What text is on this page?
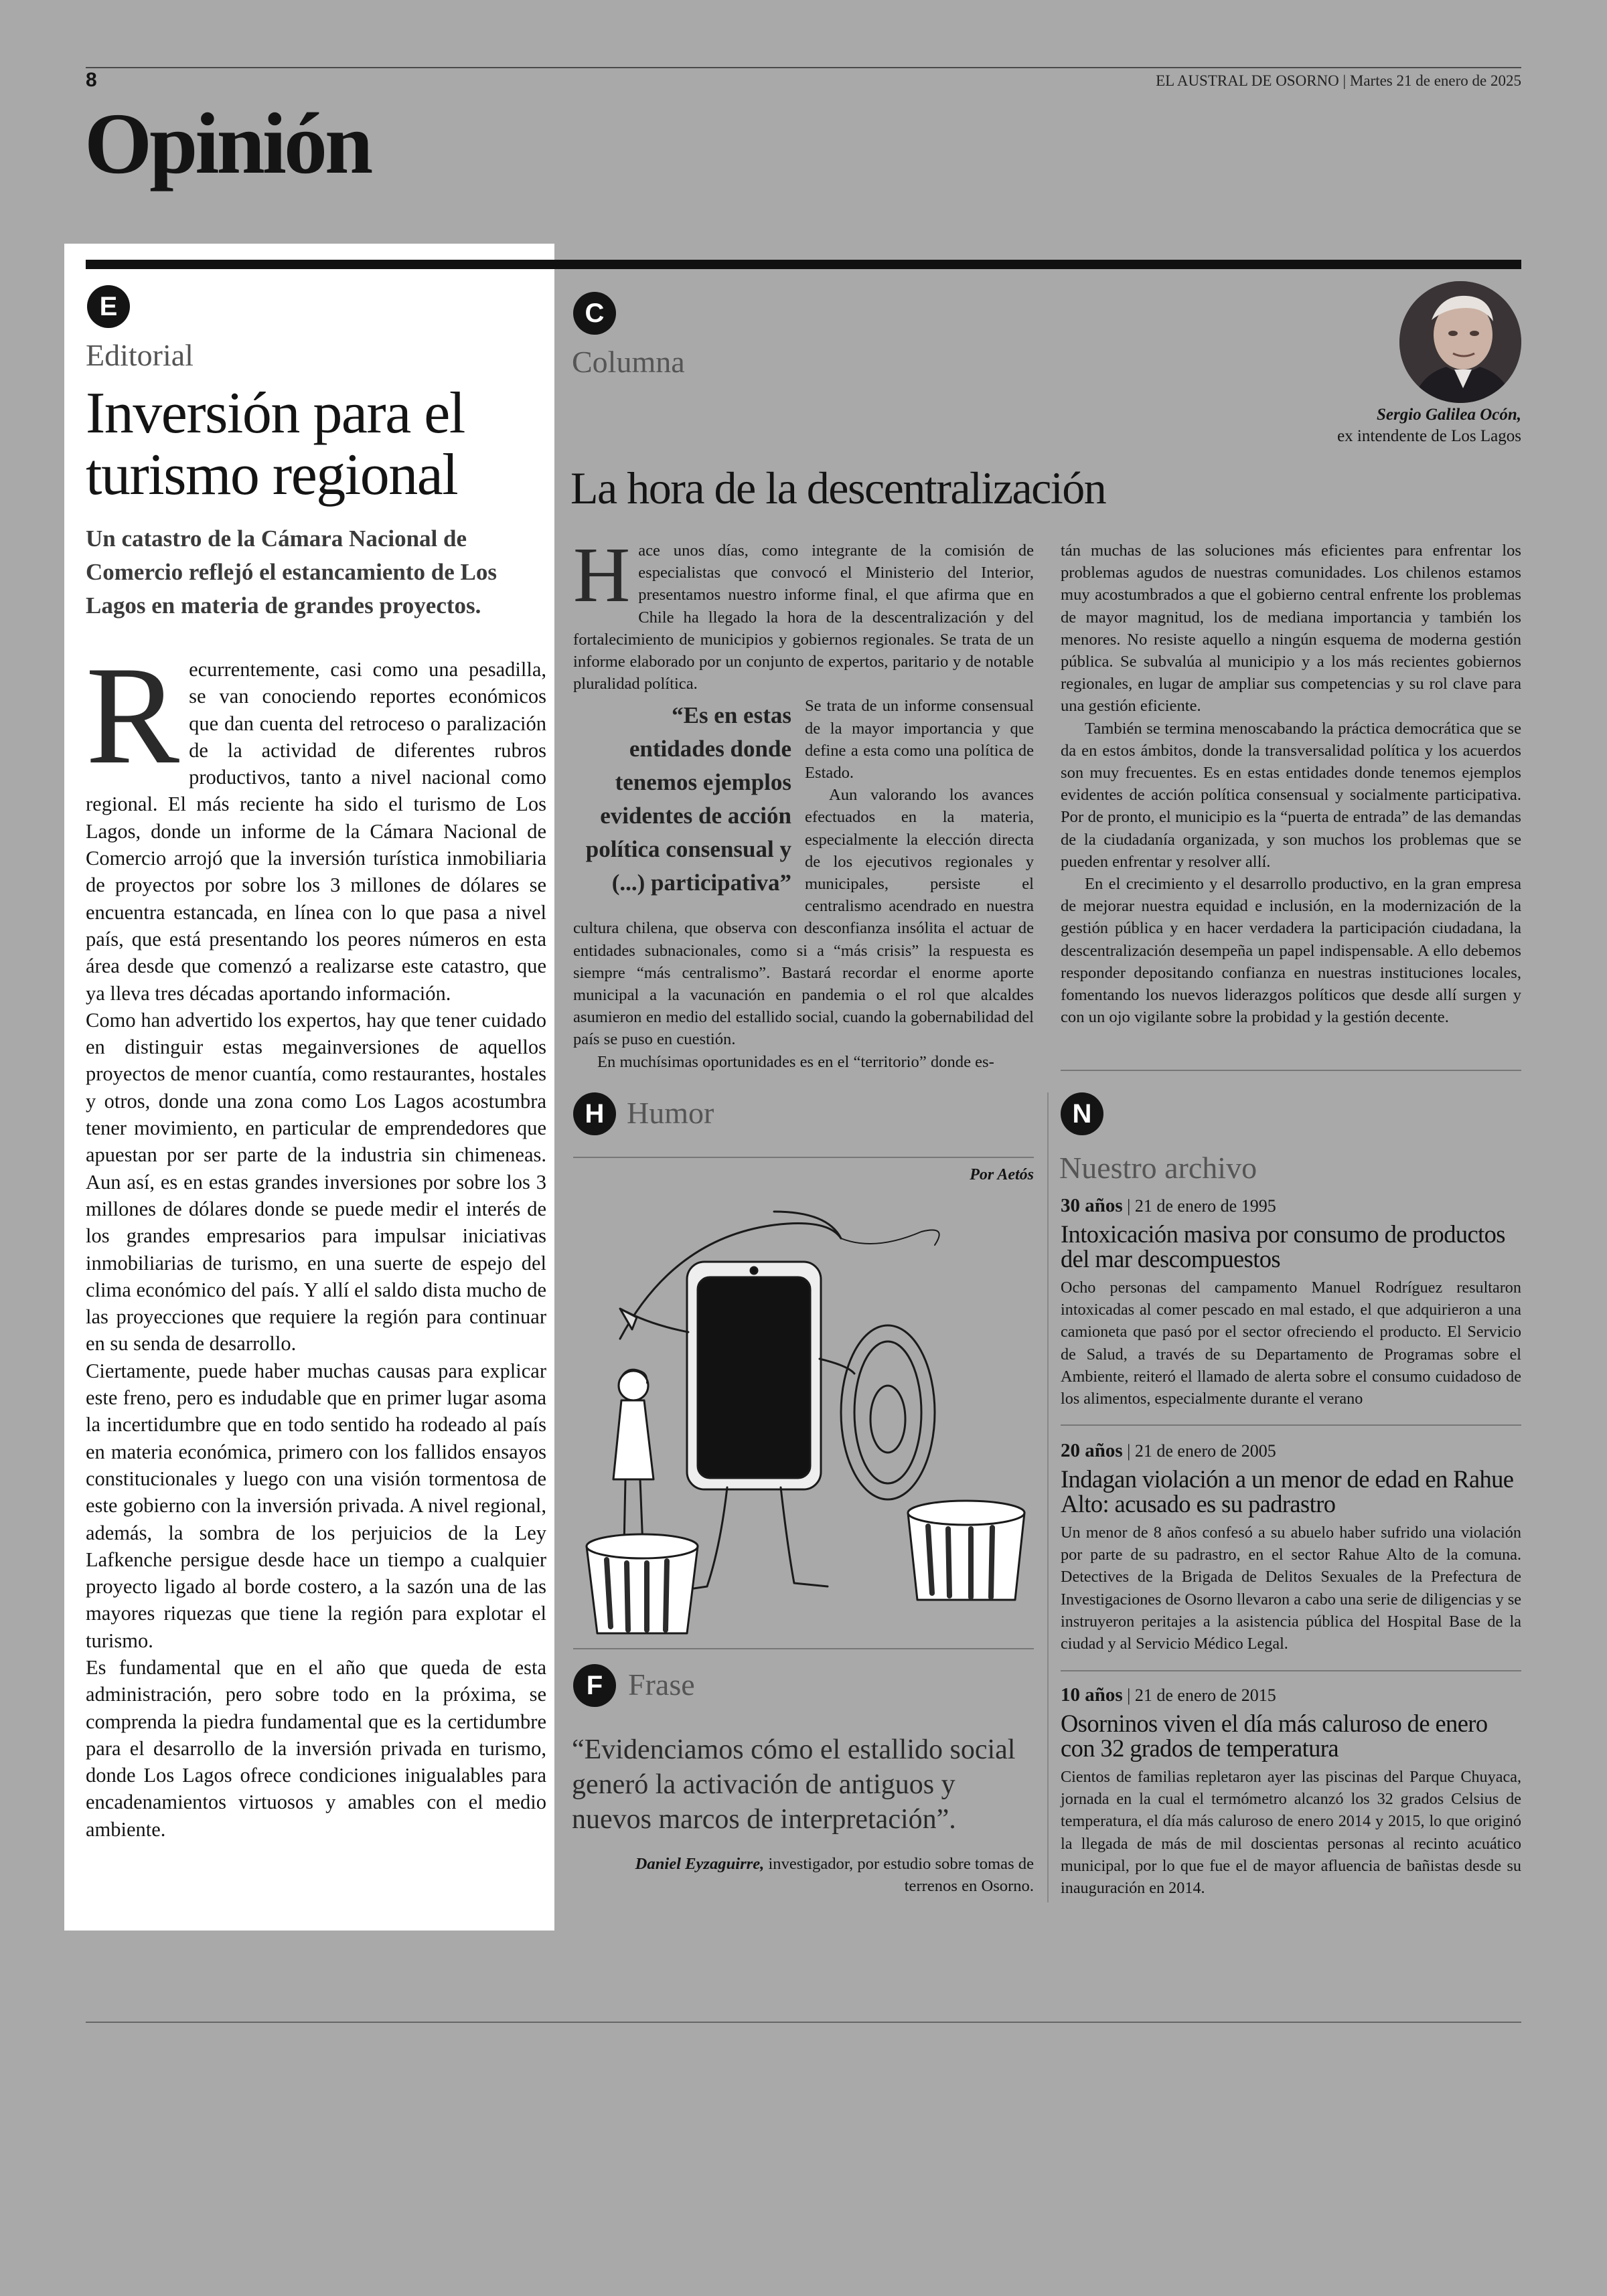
8	EL AUSTRAL DE OSORNO | Martes 21 de enero de 2025
Opinión
E
Editorial
Inversión para el turismo regional
Un catastro de la Cámara Nacional de Comercio reflejó el estancamiento de Los Lagos en materia de grandes proyectos.
R ecurrentemente, casi como una pesadilla, se van conociendo reportes económicos que dan cuenta del retroceso o paralización de la actividad de diferentes rubros productivos, tanto a nivel nacional como regional. El más reciente ha sido el turismo de Los Lagos, donde un informe de la Cámara Nacional de Comercio arrojó que la inversión turística inmobiliaria de proyectos por sobre los 3 millones de dólares se encuentra estancada, en línea con lo que pasa a nivel país, que está presentando los peores números en esta área desde que comenzó a realizarse este catastro, que ya lleva tres décadas aportando información.

Como han advertido los expertos, hay que tener cuidado en distinguir estas megainversiones de aquellos proyectos de menor cuantía, como restaurantes, hostales y otros, donde una zona como Los Lagos acostumbra tener movimiento, en particular de emprendedores que apuestan por ser parte de la industria sin chimeneas. Aun así, es en estas grandes inversiones por sobre los 3 millones de dólares donde se puede medir el interés de los grandes empresarios para impulsar iniciativas inmobiliarias de turismo, en una suerte de espejo del clima económico del país. Y allí el saldo dista mucho de las proyecciones que requiere la región para continuar en su senda de desarrollo.

Ciertamente, puede haber muchas causas para explicar este freno, pero es indudable que en primer lugar asoma la incertidumbre que en todo sentido ha rodeado al país en materia económica, primero con los fallidos ensayos constitucionales y luego con una visión tormentosa de este gobierno con la inversión privada. A nivel regional, además, la sombra de los perjuicios de la Ley Lafkenche persigue desde hace un tiempo a cualquier proyecto ligado al borde costero, a la sazón una de las mayores riquezas que tiene la región para explotar el turismo.

Es fundamental que en el año que queda de esta administración, pero sobre todo en la próxima, se comprenda la piedra fundamental que es la certidumbre para el desarrollo de la inversión privada en turismo, donde Los Lagos ofrece condiciones inigualables para encadenamientos virtuosos y amables con el medio ambiente.

C
Columna
Sergio Galilea Ocón,
ex intendente de Los Lagos
La hora de la descentralización
H ace unos días, como integrante de la comisión de especialistas que convocó el Ministerio del Interior, presentamos nuestro informe final, el que afirma que en Chile ha llegado la hora de la descentralización y del fortalecimiento de municipios y gobiernos regionales. Se trata de un informe elaborado por un conjunto de expertos, paritario y de notable pluralidad política.

“Es en estas entidades donde tenemos ejemplos evidentes de acción política consensual y (...) participativa”

Se trata de un informe consensual de la mayor importancia y que define a esta como una política de Estado.

Aun valorando los avances efectuados en la materia, especialmente la elección directa de los ejecutivos regionales y municipales, persiste el centralismo acendrado en nuestra cultura chilena, que observa con desconfianza insólita el actuar de entidades subnacionales, como si a “más crisis” la respuesta es siempre “más centralismo”. Bastará recordar el enorme aporte municipal a la vacunación en pandemia o el rol que alcaldes asumieron en medio del estallido social, cuando la gobernabilidad del país se puso en cuestión.

En muchísimas oportunidades es en el “territorio” donde es-

tán muchas de las soluciones más eficientes para enfrentar los problemas agudos de nuestras comunidades. Los chilenos estamos muy acostumbrados a que el gobierno central enfrente los problemas de mayor magnitud, los de mediana importancia y también los menores. No resiste aquello a ningún esquema de moderna gestión pública. Se subvalúa al municipio y a los más recientes gobiernos regionales, en lugar de ampliar sus competencias y su rol clave para una gestión eficiente.

También se termina menoscabando la práctica democrática que se da en estos ámbitos, donde la transversalidad política y los acuerdos son muy frecuentes. Es en estas entidades donde tenemos ejemplos evidentes de acción política consensual y socialmente participativa. Por de pronto, el municipio es la “puerta de entrada” de las demandas de la ciudadanía organizada, y son muchos los problemas que se pueden enfrentar y resolver allí.

En el crecimiento y el desarrollo productivo, en la gran empresa de mejorar nuestra equidad e inclusión, en la modernización de la gestión pública y en hacer verdadera la participación ciudadana, la descentralización desempeña un papel indispensable. A ello debemos responder depositando confianza en nuestras instituciones locales, fomentando los nuevos liderazgos políticos que desde allí surgen y con un ojo vigilante sobre la probidad y la gestión decente.

H Humor
Por Aetós
F Frase
“Evidenciamos cómo el estallido social generó la activación de antiguos y nuevos marcos de interpretación”.
Daniel Eyzaguirre, investigador, por estudio sobre tomas de terrenos en Osorno.
N
Nuestro archivo
30 años | 21 de enero de 1995
Intoxicación masiva por consumo de productos del mar descompuestos
Ocho personas del campamento Manuel Rodríguez resultaron intoxicadas al comer pescado en mal estado, el que adquirieron a una camioneta que pasó por el sector ofreciendo el producto. El Servicio de Salud, a través de su Departamento de Programas sobre el Ambiente, reiteró el llamado de alerta sobre el consumo cuidadoso de los alimentos, especialmente durante el verano
20 años | 21 de enero de 2005
Indagan violación a un menor de edad en Rahue Alto: acusado es su padrastro
Un menor de 8 años confesó a su abuelo haber sufrido una violación por parte de su padrastro, en el sector Rahue Alto de la comuna. Detectives de la Brigada de Delitos Sexuales de la Prefectura de Investigaciones de Osorno llevaron a cabo una serie de diligencias y se instruyeron peritajes a la asistencia pública del Hospital Base de la ciudad y al Servicio Médico Legal.
10 años | 21 de enero de 2015
Osorninos viven el día más caluroso de enero con 32 grados de temperatura
Cientos de familias repletaron ayer las piscinas del Parque Chuyaca, jornada en la cual el termómetro alcanzó los 32 grados Celsius de temperatura, el día más caluroso de enero 2014 y 2015, lo que originó la llegada de más de mil doscientas personas al recinto acuático municipal, por lo que fue el de mayor afluencia de bañistas desde su inauguración en 2014.
